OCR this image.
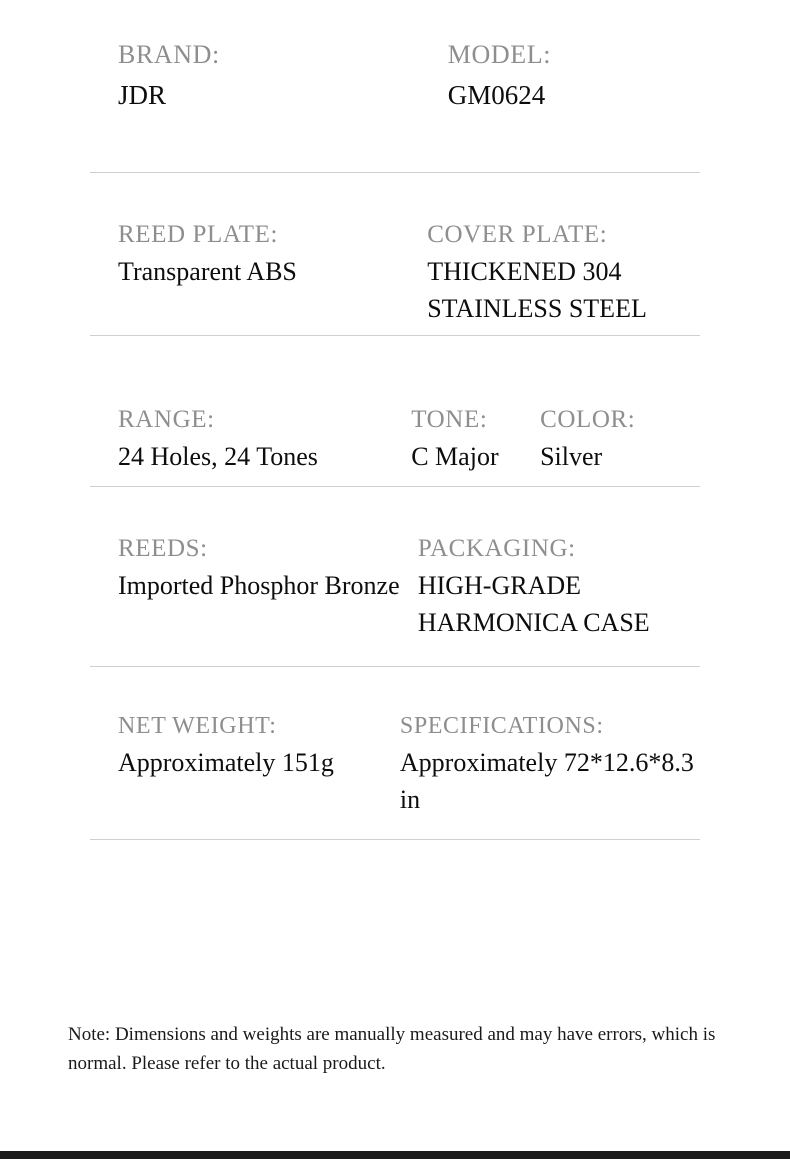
BRAND:
JDR
MODEL:
GM0624
REED PLATE:
Transparent ABS
COVER PLATE:
THICKENED 304 STAINLESS STEEL
RANGE:
24 Holes, 24 Tones
TONE:
C Major
COLOR:
Silver
REEDS:
Imported Phosphor Bronze
PACKAGING:
HIGH-GRADE HARMONICA CASE
NET WEIGHT:
Approximately 151g
SPECIFICATIONS:
Approximately 72*12.6*8.3 in
Note: Dimensions and weights are manually measured and may have errors, which is normal. Please refer to the actual product.
